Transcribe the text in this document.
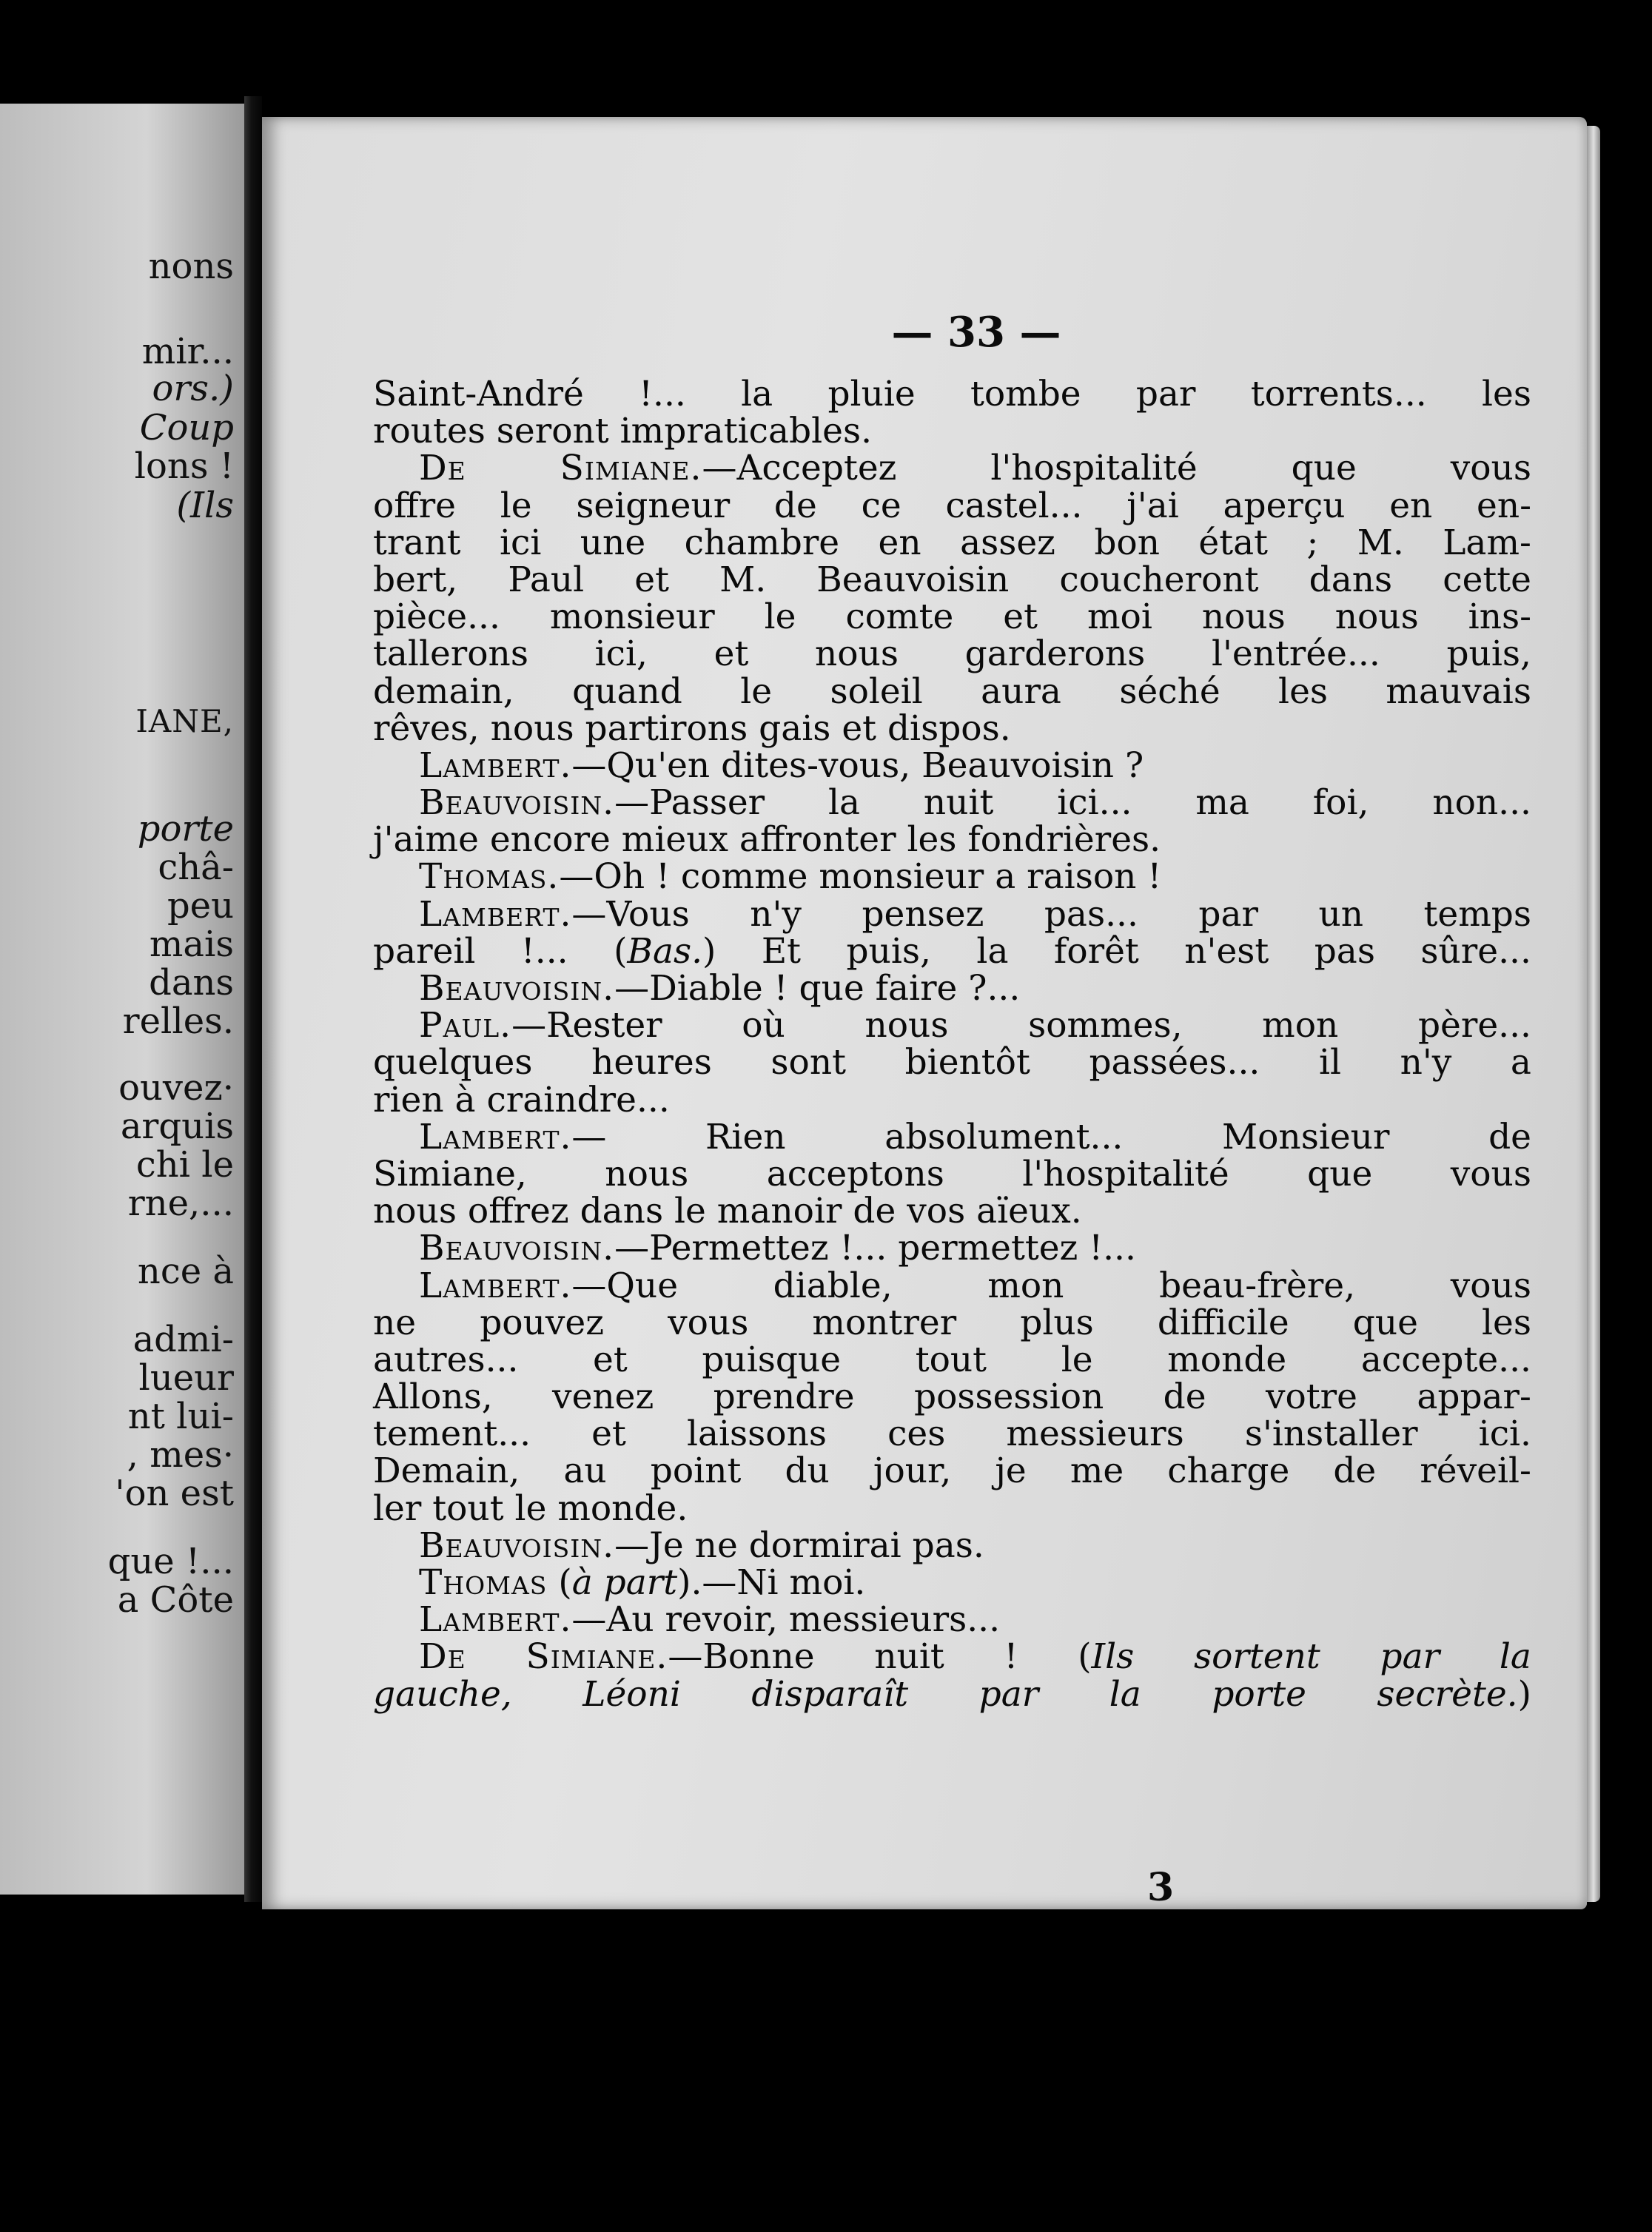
nons
mir...
ors.)
Coup
lons !
(Ils
IANE,
porte
châ-
peu
mais
dans
relles.
ouvez·
arquis
chi le
rne,...
nce à
admi-
lueur
nt lui-
, mes·
'on est
que !...
a Côte
— 33 —
Saint-André !... la pluie tombe par torrents... les
routes seront impraticables.
De	Simiane.—Acceptez	l'hospitalité	que	vous
offre le seigneur de ce castel... j'ai aperçu en en-
trant ici une chambre en assez bon état ; M. Lam-
bert, Paul et M. Beauvoisin coucheront dans cette
pièce... monsieur le comte et moi nous nous ins-
tallerons ici, et nous garderons l'entrée... puis,
demain, quand le soleil aura séché les mauvais
rêves, nous partirons gais et dispos.
Lambert. —Qu'en dites-vous, Beauvoisin ?
Beauvoisin.—Passer la nuit ici... ma foi, non...
j'aime encore mieux affronter les fondrières.
Thomas. —Oh ! comme monsieur a raison !
Lambert.—Vous n'y pensez pas... par un temps
pareil !... (Bas.) Et puis, la forêt n'est pas sûre...
Beauvoisin. —Diable ! que faire ?...
Paul.—Rester où nous sommes, mon père...
quelques heures sont bientôt passées... il n'y a
rien à craindre...
Lambert.—	Rien	absolument...	Monsieur	de
Simiane, nous acceptons l'hospitalité que vous
nous offrez dans le manoir de vos aïeux.
Beauvoisin. —Permettez !... permettez !...
Lambert.—Que	diable,	mon	beau-frère,	vous
ne pouvez vous montrer plus difficile que les
autres... et puisque tout le monde accepte...
Allons, venez prendre possession de votre appar-
tement... et laissons ces messieurs s'installer ici.
Demain, au point du jour, je me charge de réveil-
ler tout le monde.
Beauvoisin. —Je ne dormirai pas.
Thomas ( à part ).—Ni moi.
Lambert. —Au revoir, messieurs...
De Simiane.—Bonne nuit ! (Ils sortent par la
gauche, Léoni disparaît par la porte secrète.)
3
